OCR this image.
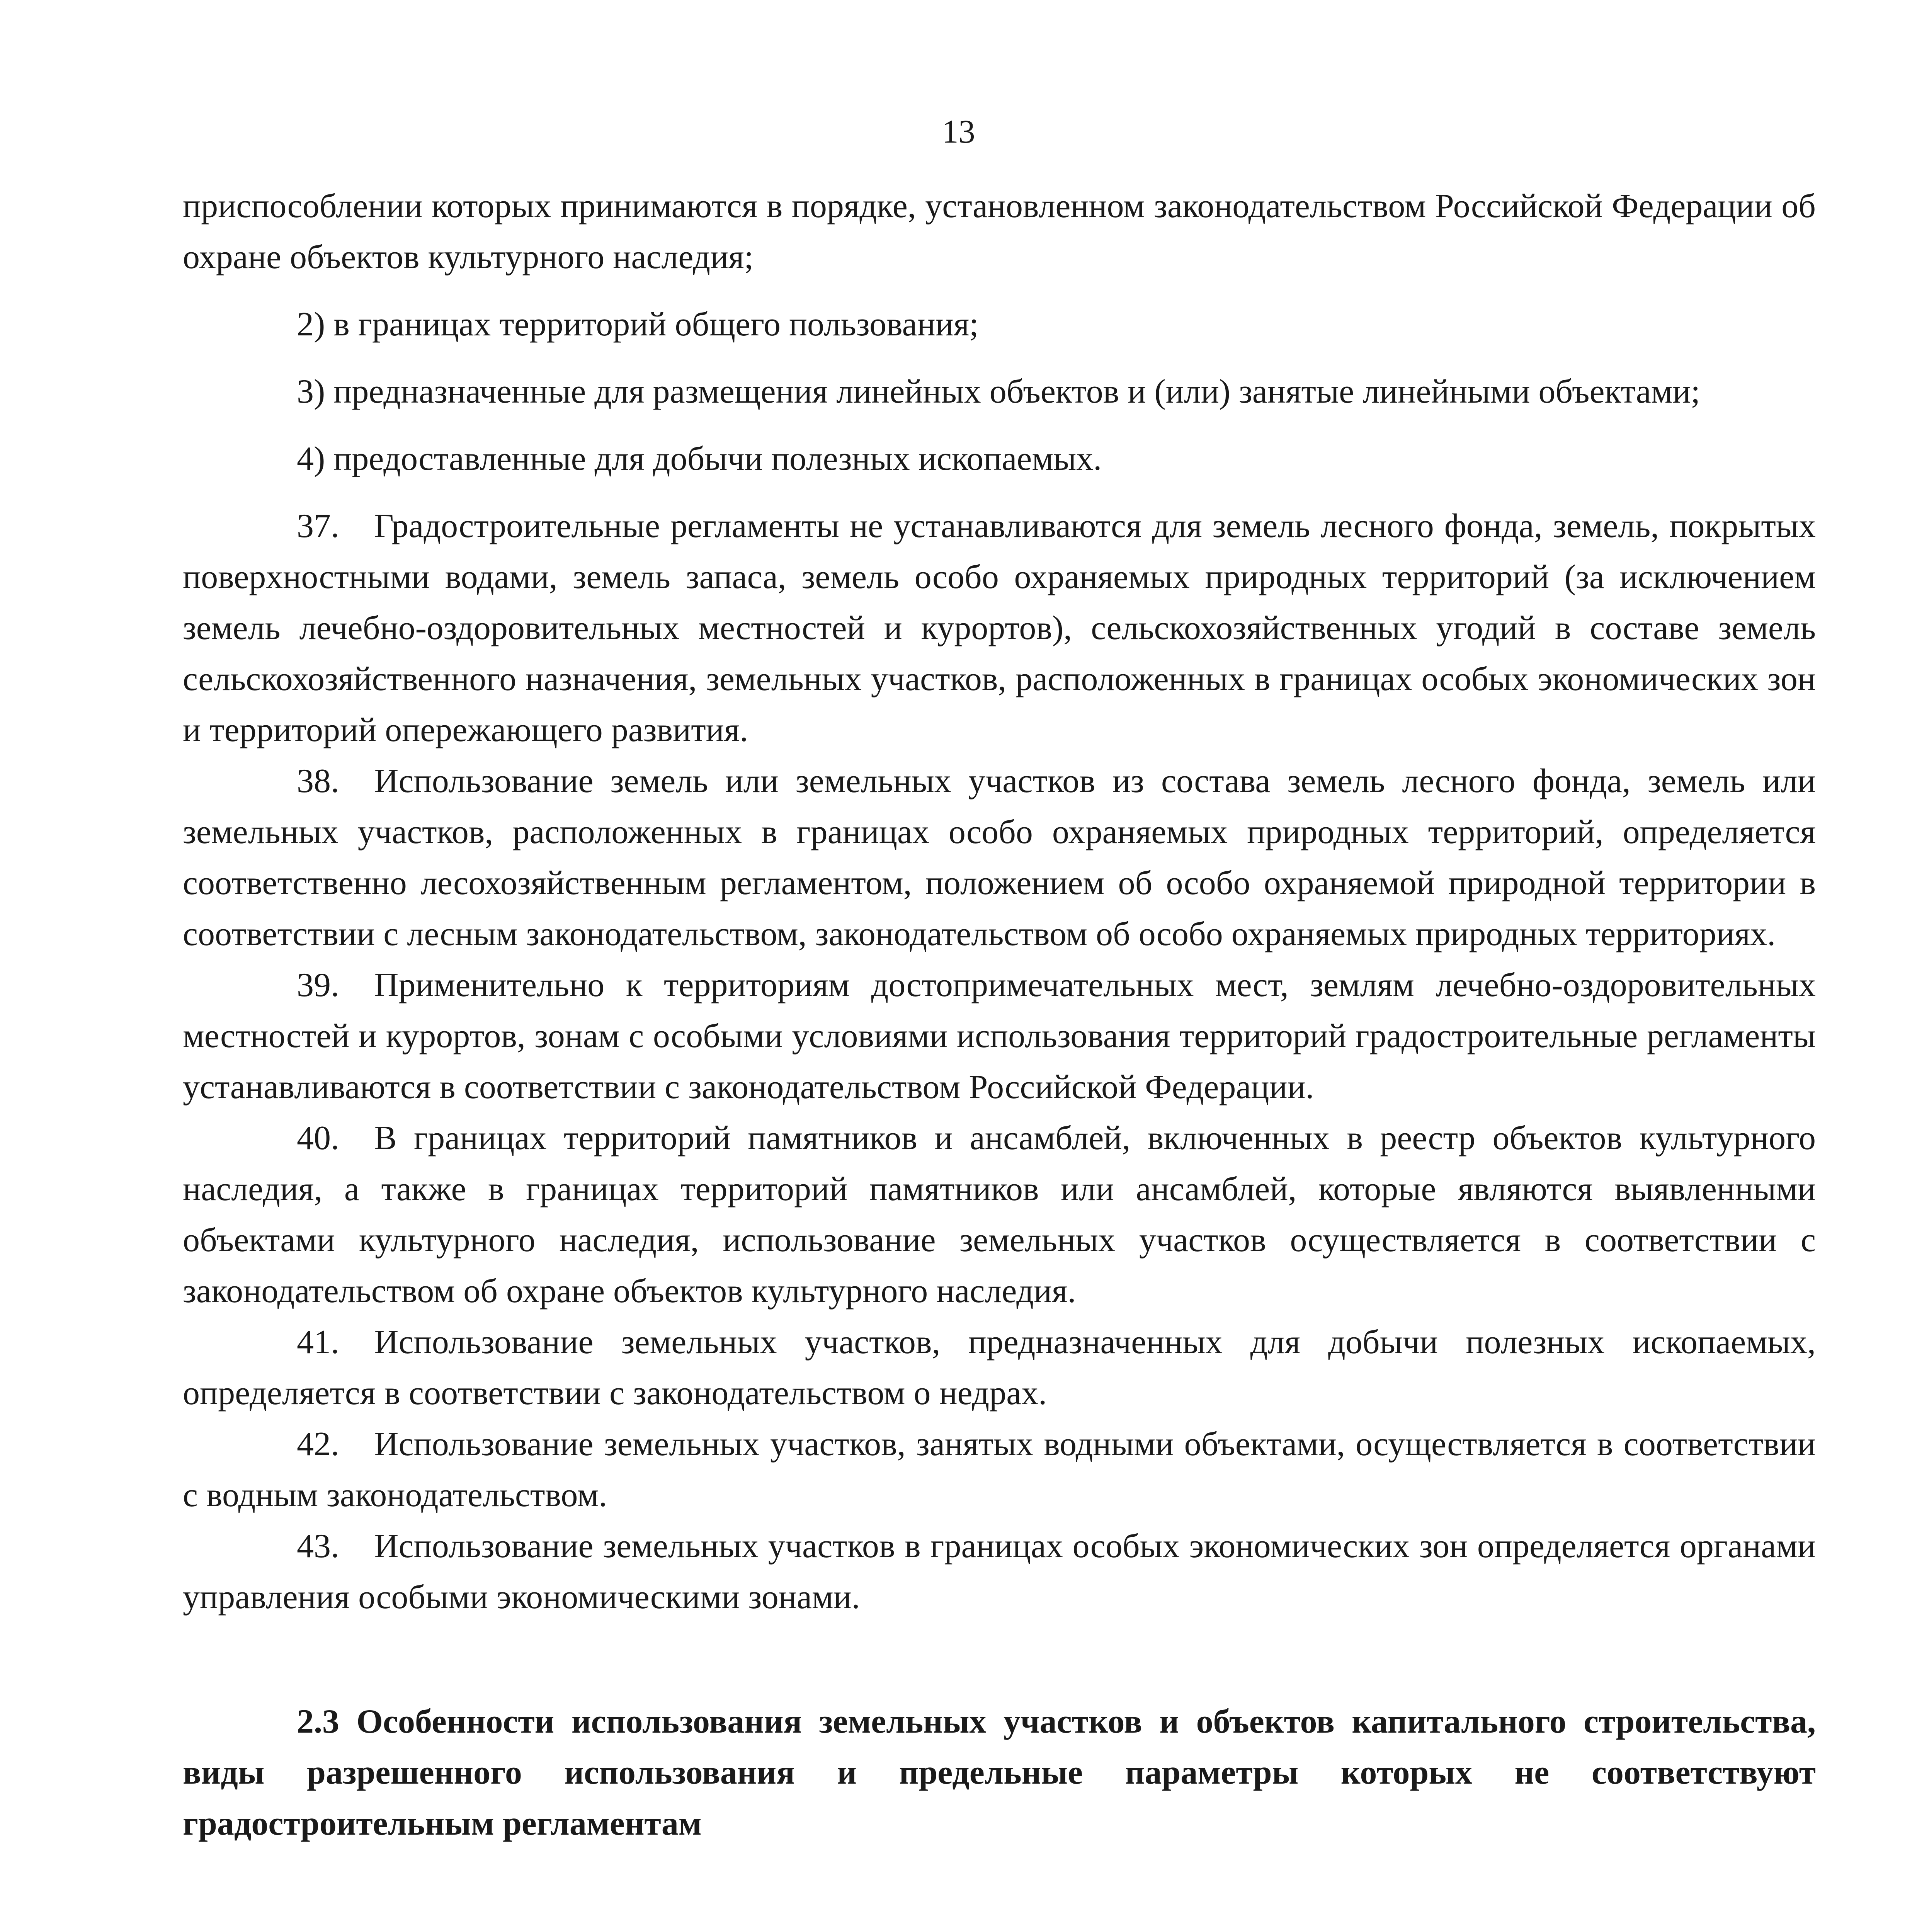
13

приспособлении которых принимаются в порядке, установленном законодательством Российской Федерации об охране объектов культурного наследия;

2) в границах территорий общего пользования;

3) предназначенные для размещения линейных объектов и (или) занятые линейными объектами;

4) предоставленные для добычи полезных ископаемых.

37. Градостроительные регламенты не устанавливаются для земель лесного фонда, земель, покрытых поверхностными водами, земель запаса, земель особо охраняемых природных территорий (за исключением земель лечебно-оздоровительных местностей и курортов), сельскохозяйственных угодий в составе земель сельскохозяйственного назначения, земельных участков, расположенных в границах особых экономических зон и территорий опережающего развития.

38. Использование земель или земельных участков из состава земель лесного фонда, земель или земельных участков, расположенных в границах особо охраняемых природных территорий, определяется соответственно лесохозяйственным регламентом, положением об особо охраняемой природной территории в соответствии с лесным законодательством, законодательством об особо охраняемых природных территориях.

39. Применительно к территориям достопримечательных мест, землям лечебно-оздоровительных местностей и курортов, зонам с особыми условиями использования территорий градостроительные регламенты устанавливаются в соответствии с законодательством Российской Федерации.

40. В границах территорий памятников и ансамблей, включенных в реестр объектов культурного наследия, а также в границах территорий памятников или ансамблей, которые являются выявленными объектами культурного наследия, использование земельных участков осуществляется в соответствии с законодательством об охране объектов культурного наследия.

41. Использование земельных участков, предназначенных для добычи полезных ископаемых, определяется в соответствии с законодательством о недрах.

42. Использование земельных участков, занятых водными объектами, осуществляется в соответствии с водным законодательством.

43. Использование земельных участков в границах особых экономических зон определяется органами управления особыми экономическими зонами.

2.3 Особенности использования земельных участков и объектов капитального строительства, виды разрешенного использования и предельные параметры которых не соответствуют градостроительным регламентам
